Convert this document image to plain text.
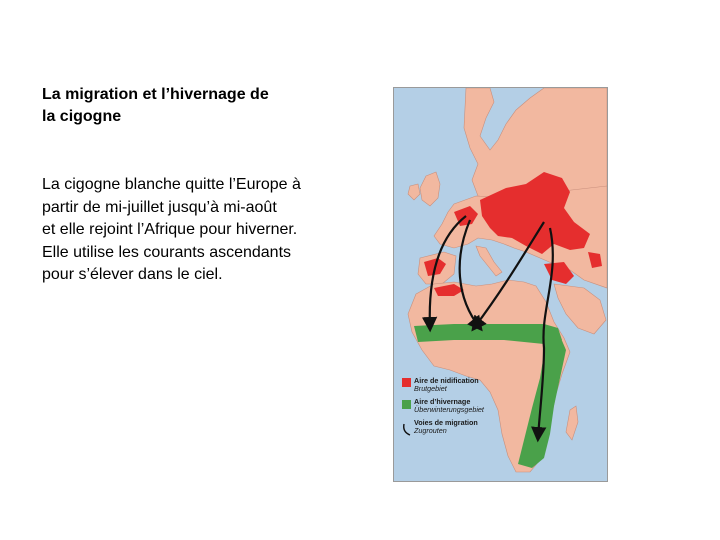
La migration et l’hivernage de
la cigogne

La cigogne blanche quitte l’Europe à
partir de mi-juillet jusqu’à mi-août
et elle rejoint l’Afrique pour hiverner.
Elle utilise les courants ascendants
pour s’élever dans le ciel.

Aire de nidification
Brutgebiet
Aire d’hivernage
Überwinterungsgebiet
Voies de migration
Zugrouten
